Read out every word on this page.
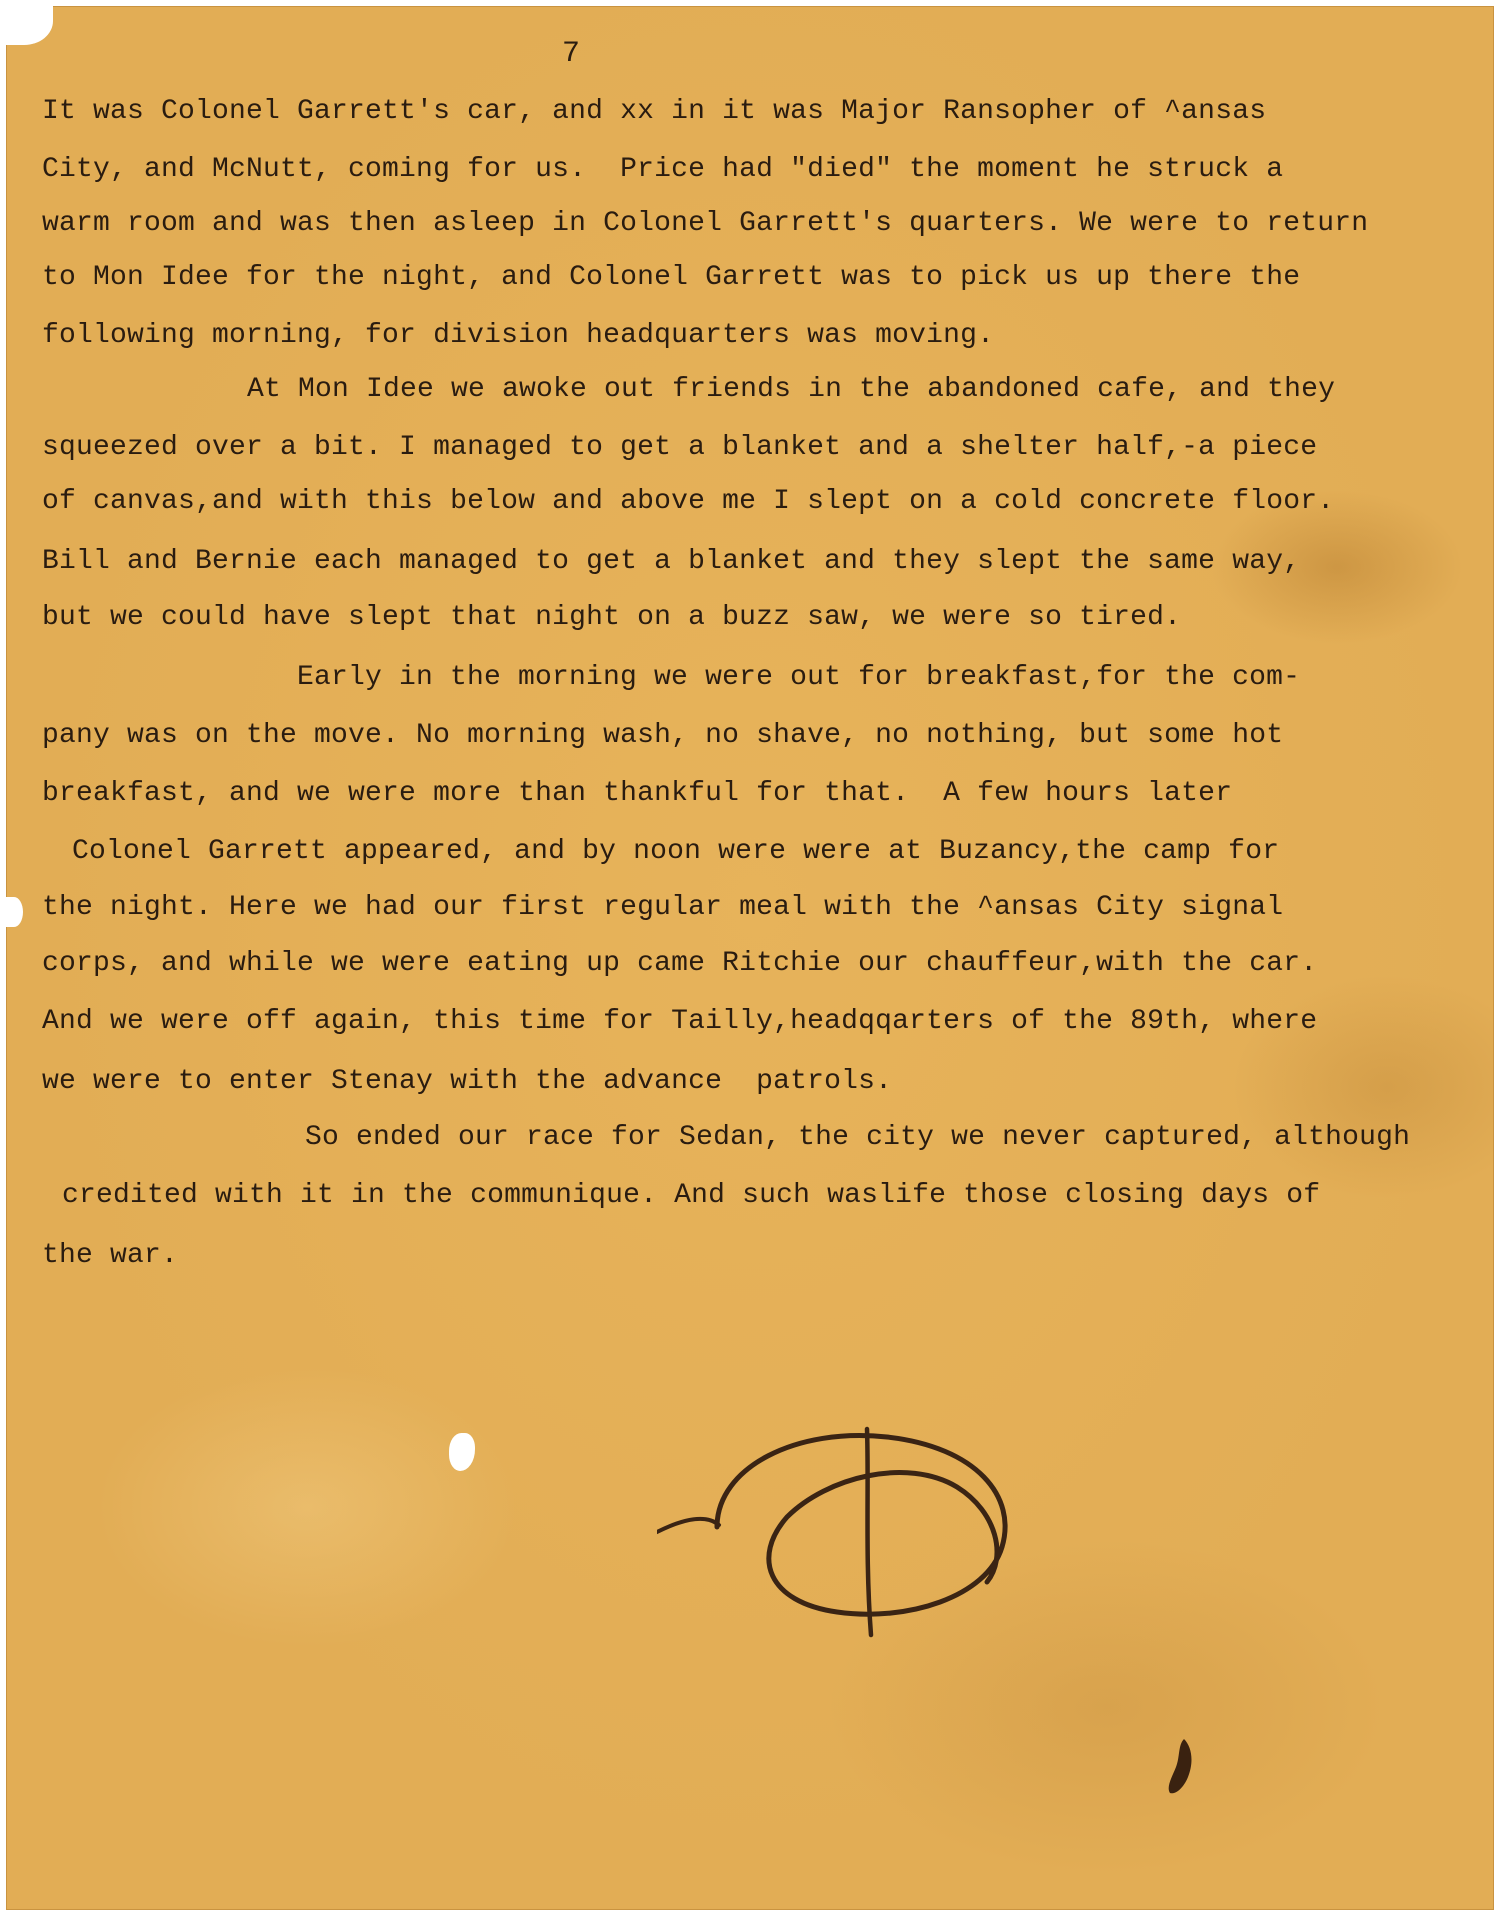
7
It was Colonel Garrett's car, and xx in it was Major Ransopher of ^ansas
City, and McNutt, coming for us.  Price had "died" the moment he struck a
warm room and was then asleep in Colonel Garrett's quarters. We were to return
to Mon Idee for the night, and Colonel Garrett was to pick us up there the
following morning, for division headquarters was moving.
At Mon Idee we awoke out friends in the abandoned cafe, and they
squeezed over a bit. I managed to get a blanket and a shelter half,-a piece
of canvas,and with this below and above me I slept on a cold concrete floor.
Bill and Bernie each managed to get a blanket and they slept the same way,
but we could have slept that night on a buzz saw, we were so tired.
Early in the morning we were out for breakfast,for the com-
pany was on the move. No morning wash, no shave, no nothing, but some hot
breakfast, and we were more than thankful for that.  A few hours later
Colonel Garrett appeared, and by noon were were at Buzancy,the camp for
the night. Here we had our first regular meal with the ^ansas City signal
corps, and while we were eating up came Ritchie our chauffeur,with the car.
And we were off again, this time for Tailly,headqqarters of the 89th, where
we were to enter Stenay with the advance  patrols.
So ended our race for Sedan, the city we never captured, although
credited with it in the communique. And such waslife those closing days of
the war.
